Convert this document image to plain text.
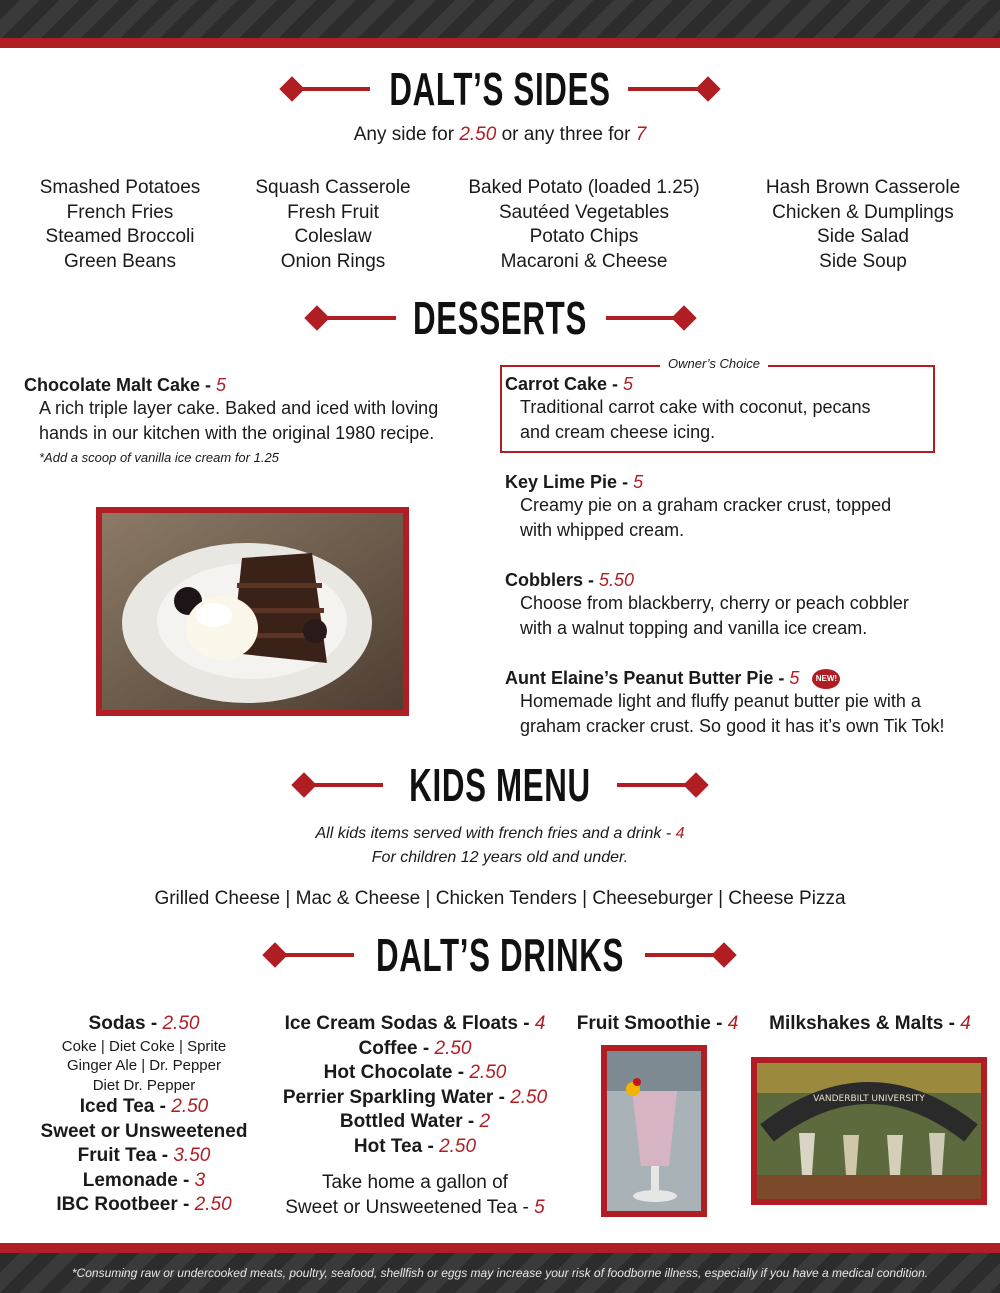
DALT’S SIDES
Any side for 2.50 or any three for 7
Smashed Potatoes
French Fries
Steamed Broccoli
Green Beans
Squash Casserole
Fresh Fruit
Coleslaw
Onion Rings
Baked Potato (loaded 1.25)
Sautéed Vegetables
Potato Chips
Macaroni & Cheese
Hash Brown Casserole
Chicken & Dumplings
Side Salad
Side Soup
DESSERTS
Chocolate Malt Cake - 5
A rich triple layer cake. Baked and iced with loving
hands in our kitchen with the original 1980 recipe.
*Add a scoop of vanilla ice cream for 1.25
Owner’s Choice
Carrot Cake - 5
Traditional carrot cake with coconut, pecans
and cream cheese icing.
Key Lime Pie - 5
Creamy pie on a graham cracker crust, topped
with whipped cream.
Cobblers - 5.50
Choose from blackberry, cherry or peach cobbler
with a walnut topping and vanilla ice cream.
Aunt Elaine’s Peanut Butter Pie - 5 NEW!
Homemade light and fluffy peanut butter pie with a
graham cracker crust. So good it has it’s own Tik Tok!
KIDS MENU
All kids items served with french fries and a drink - 4
For children 12 years old and under.
Grilled Cheese | Mac & Cheese | Chicken Tenders | Cheeseburger | Cheese Pizza
DALT’S DRINKS
Sodas - 2.50
Coke | Diet Coke | Sprite
Ginger Ale | Dr. Pepper
Diet Dr. Pepper
Iced Tea - 2.50
Sweet or Unsweetened
Fruit Tea - 3.50
Lemonade - 3
IBC Rootbeer - 2.50
Ice Cream Sodas & Floats - 4
Coffee - 2.50
Hot Chocolate - 2.50
Perrier Sparkling Water - 2.50
Bottled Water - 2
Hot Tea - 2.50
Take home a gallon of
Sweet or Unsweetened Tea - 5
Fruit Smoothie - 4	Milkshakes & Malts - 4
VANDERBILT UNIVERSITY
*Consuming raw or undercooked meats, poultry, seafood, shellfish or eggs may increase your risk of foodborne illness, especially if you have a medical condition.
